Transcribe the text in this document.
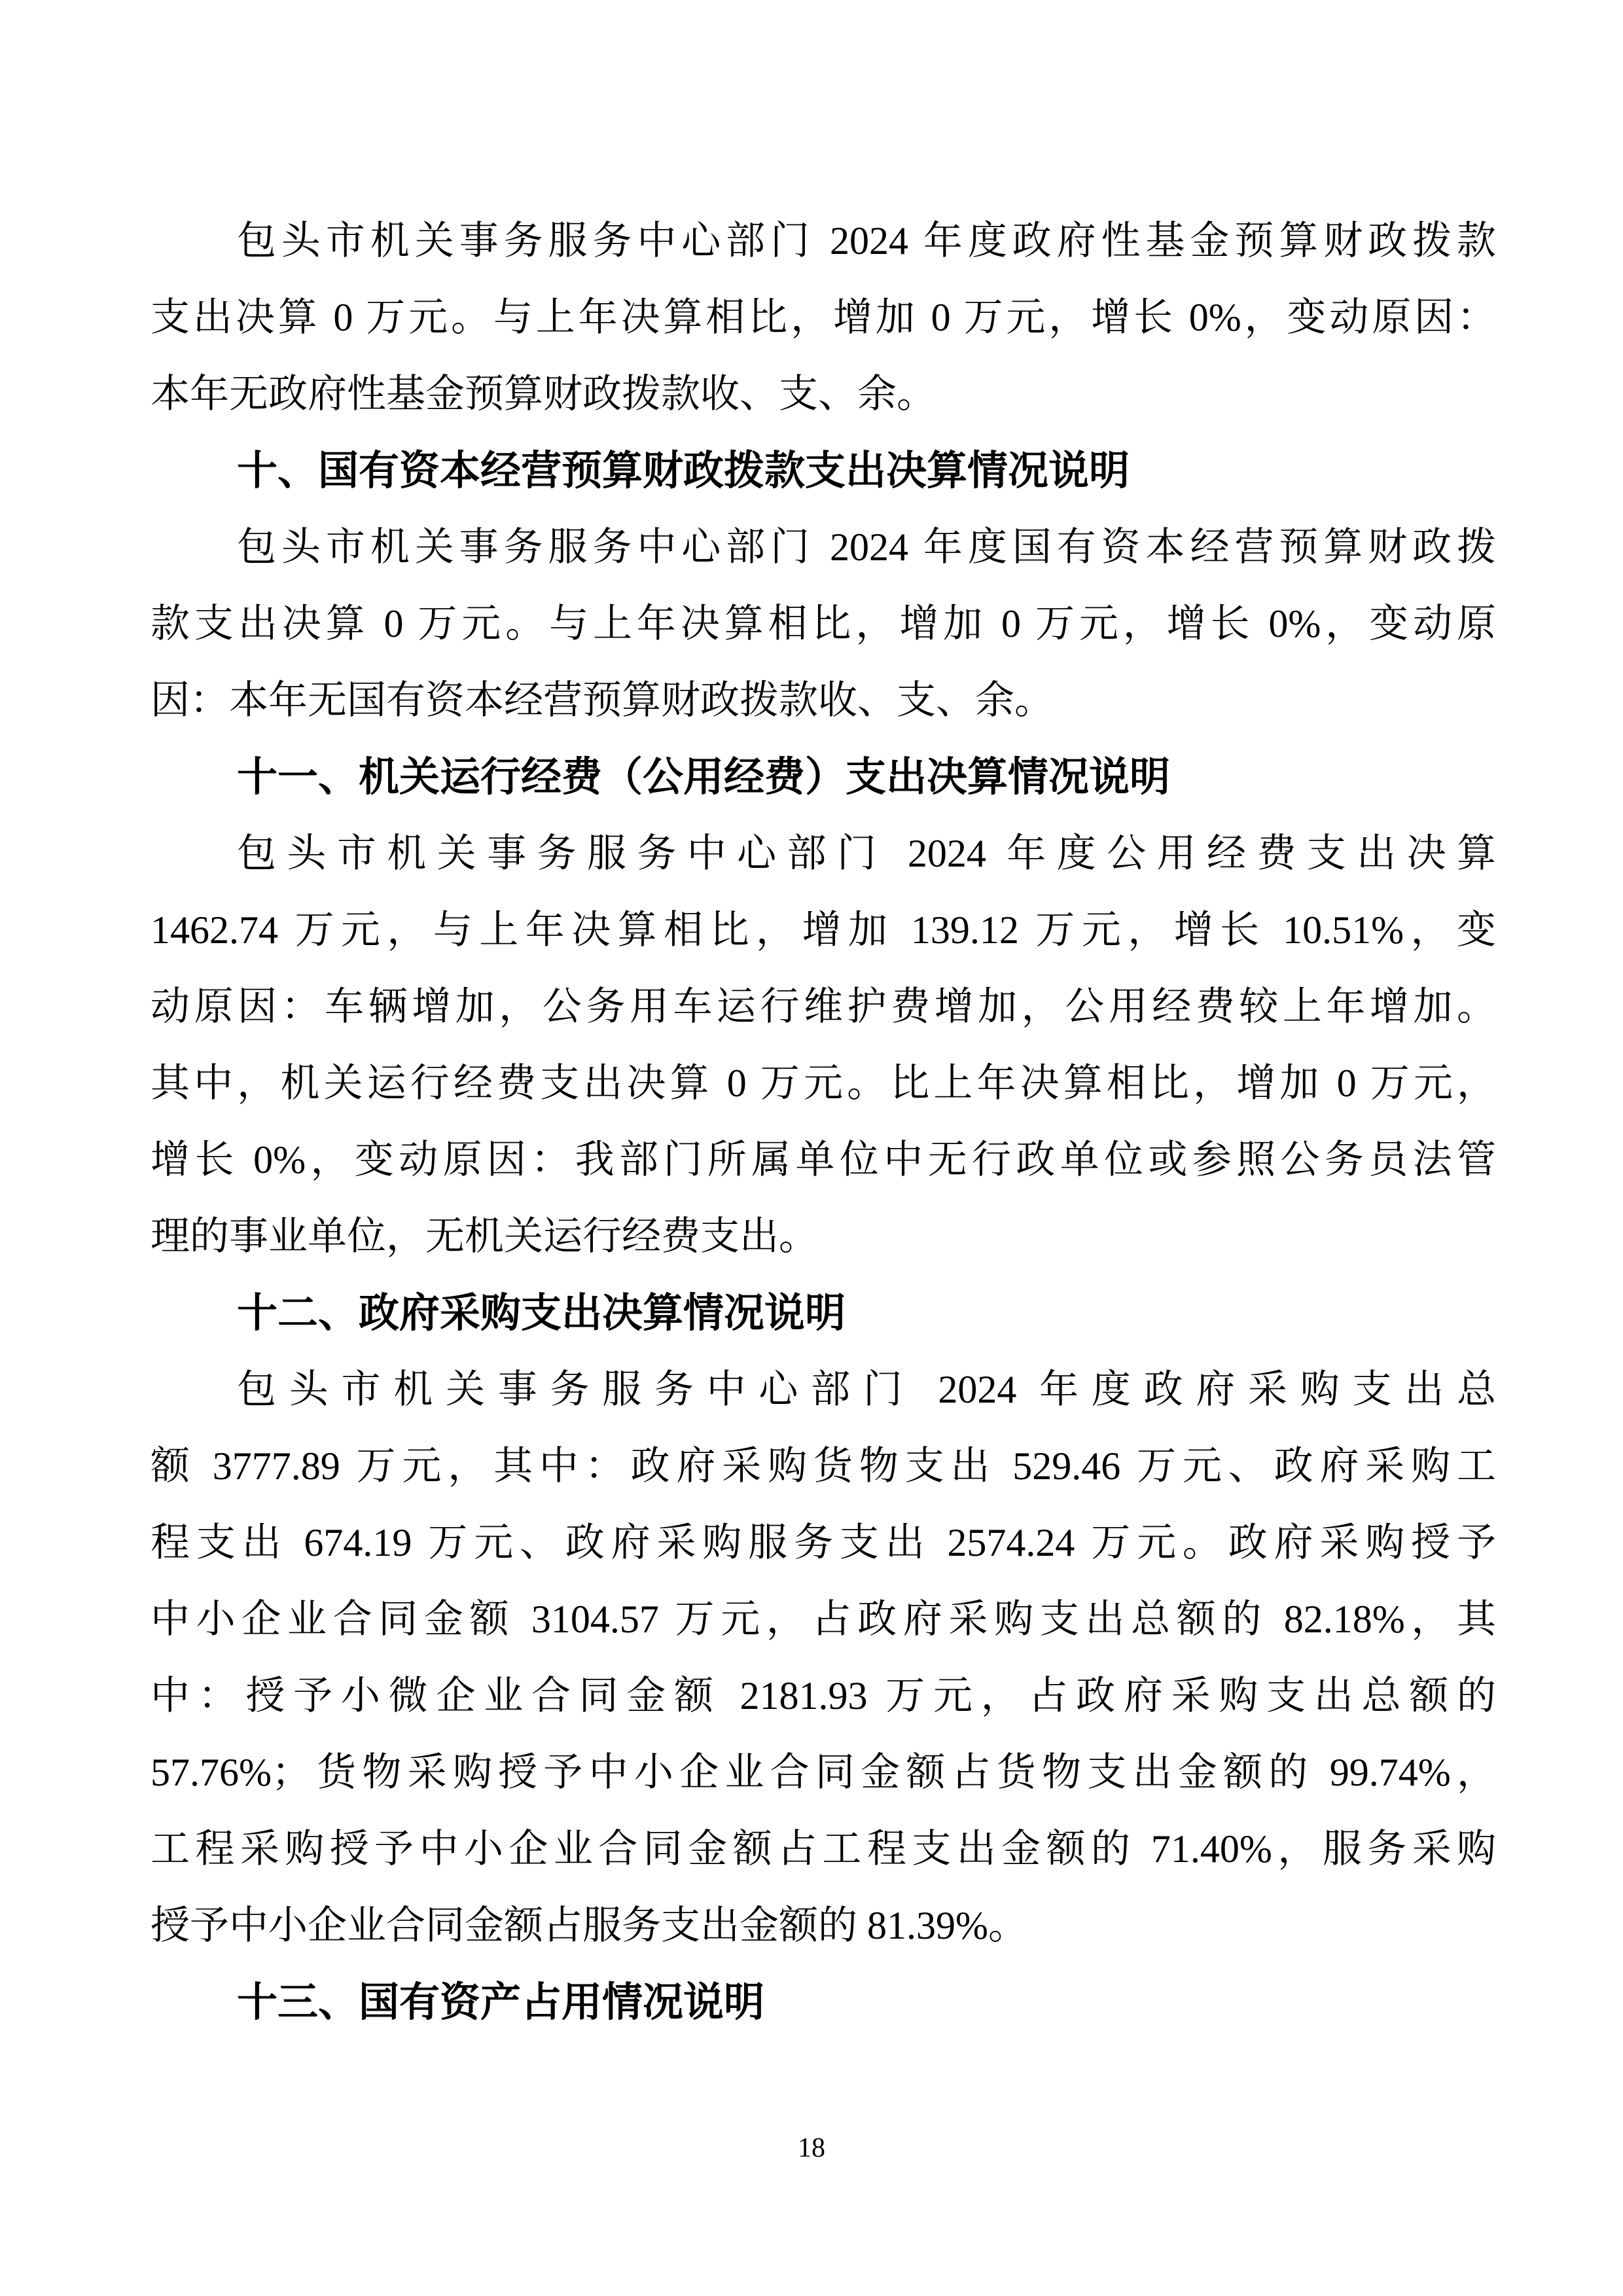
包头市机关事务服务中心部门 2024 年度政府性基金预算财政拨款
支出决算 0 万元。与上年决算相比，增加 0 万元，增长 0%，变动原因：
本年无政府性基金预算财政拨款收、支、余。
十、国有资本经营预算财政拨款支出决算情况说明
包头市机关事务服务中心部门 2024 年度国有资本经营预算财政拨
款支出决算 0 万元。与上年决算相比，增加 0 万元，增长 0%，变动原
因：本年无国有资本经营预算财政拨款收、支、余。
十一、机关运行经费（公用经费）支出决算情况说明
包头市机关事务服务中心部门 2024 年度公用经费支出决算
1462.74 万元，与上年决算相比，增加 139.12 万元，增长 10.51%，变
动原因：车辆增加，公务用车运行维护费增加，公用经费较上年增加。
其中，机关运行经费支出决算 0 万元。比上年决算相比，增加 0 万元，
增长 0%，变动原因：我部门所属单位中无行政单位或参照公务员法管
理的事业单位，无机关运行经费支出。
十二、政府采购支出决算情况说明
包头市机关事务服务中心部门 2024 年度政府采购支出总
额 3777.89 万元，其中：政府采购货物支出 529.46 万元、政府采购工
程支出 674.19 万元、政府采购服务支出 2574.24 万元。政府采购授予
中小企业合同金额 3104.57 万元，占政府采购支出总额的 82.18%，其
中：授予小微企业合同金额 2181.93 万元，占政府采购支出总额的
57.76%；货物采购授予中小企业合同金额占货物支出金额的 99.74%，
工程采购授予中小企业合同金额占工程支出金额的 71.40%，服务采购
授予中小企业合同金额占服务支出金额的 81.39%。
十三、国有资产占用情况说明
18
